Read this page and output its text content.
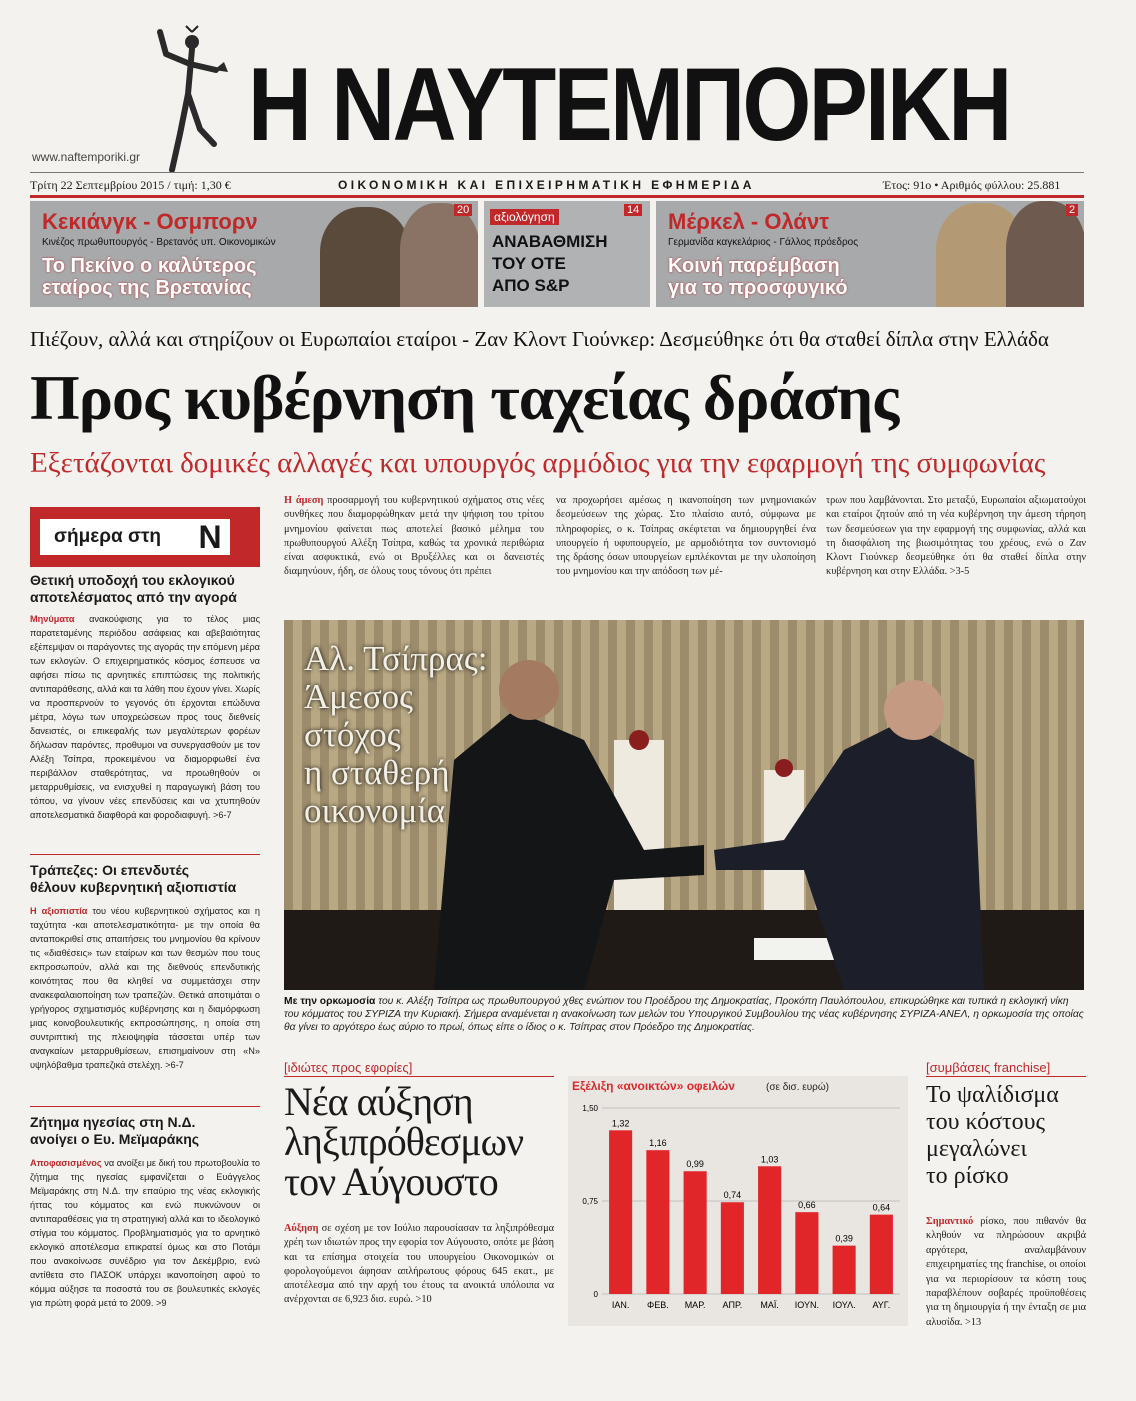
Η ΝΑΥΤΕΜΠΟΡΙΚΗ
www.naftemporiki.gr
Τρίτη 22 Σεπτεμβρίου 2015 / τιμή: 1,30 €	ΟΙΚΟΝΟΜΙΚΗ ΚΑΙ ΕΠΙΧΕΙΡΗΜΑΤΙΚΗ ΕΦΗΜΕΡΙΔΑ	Έτος: 91ο • Αριθμός φύλλου: 25.881
Κεκιάνγκ - Οσμπορν
Κινέζος πρωθυπουργός - Βρετανός υπ. Οικονομικών
Το Πεκίνο ο καλύτερος
εταίρος της Βρετανίας
20	αξιολόγηση
ΑΝΑΒΑΘΜΙΣΗ
ΤΟΥ ΟΤΕ
ΑΠΟ S&P
14 Μέρκελ - Ολάντ
Γερμανίδα καγκελάριος - Γάλλος πρόεδρος
Κοινή παρέμβαση
για το προσφυγικό
2
Πιέζουν, αλλά και στηρίζουν οι Ευρωπαίοι εταίροι - Ζαν Κλοντ Γιούνκερ: Δεσμεύθηκε ότι θα σταθεί δίπλα στην Ελλάδα
Προς κυβέρνηση ταχείας δράσης
Εξετάζονται δομικές αλλαγές και υπουργός αρμόδιος για την εφαρμογή της συμφωνίας
Η άμεση προσαρμογή του κυβερνητικού σχήματος στις νέες συνθήκες που διαμορφώθηκαν μετά την ψήφιση του τρίτου μνημονίου φαίνεται πως αποτελεί βασικό μέλημα του πρωθυπουργού Αλέξη Τσίπρα, καθώς τα χρονικά περιθώρια είναι ασφυκτικά, ενώ οι Βρυξέλλες και οι δανειστές διαμηνύουν, ήδη, σε όλους τους τόνους ότι πρέπει
να προχωρήσει αμέσως η ικανοποίηση των μνημονιακών δεσμεύσεων της χώρας. Στο πλαίσιο αυτό, σύμφωνα με πληροφορίες, ο κ. Τσίπρας σκέφτεται να δημιουργηθεί ένα υπουργείο ή υφυπουργείο, με αρμοδιότητα τον συντονισμό της δράσης όσων υπουργείων εμπλέκονται με την υλοποίηση του μνημονίου και την απόδοση των μέ-
τρων που λαμβάνονται. Στο μεταξύ, Ευρωπαίοι αξιωματούχοι και εταίροι ζητούν από τη νέα κυβέρνηση την άμεση τήρηση των δεσμεύσεων για την εφαρμογή της συμφωνίας, αλλά και τη διασφάλιση της βιωσιμότητας του χρέους, ενώ ο Ζαν Κλοντ Γιούνκερ δεσμεύθηκε ότι θα σταθεί δίπλα στην κυβέρνηση και στην Ελλάδα. >3-5
Αλ. Τσίπρας:
Άμεσος
στόχος
η σταθερή
οικονομία
Με την ορκωμοσία του κ. Αλέξη Τσίπρα ως πρωθυπουργού χθες ενώπιον του Προέδρου της Δημοκρατίας, Προκόπη Παυλόπουλου, επικυρώθηκε και τυπικά η εκλογική νίκη του κόμματος του ΣΥΡΙΖΑ την Κυριακή. Σήμερα αναμένεται η ανακοίνωση των μελών του Υπουργικού Συμβουλίου της νέας κυβέρνησης ΣΥΡΙΖΑ-ΑΝΕΛ, η ορκωμοσία της οποίας θα γίνει το αργότερο έως αύριο το πρωί, όπως είπε ο ίδιος ο κ. Τσίπρας στον Πρόεδρο της Δημοκρατίας.
σήμερα στη	Ν
Θετική υποδοχή του εκλογικού
αποτελέσματος από την αγορά
Μηνύματα ανακούφισης για το τέλος μιας παρατεταμένης περιόδου ασάφειας και αβεβαιότητας εξέπεμψαν οι παράγοντες της αγοράς την επόμενη μέρα των εκλογών. Ο επιχειρηματικός κόσμος έσπευσε να αφήσει πίσω τις αρνητικές επιπτώσεις της πολιτικής αντιπαράθεσης, αλλά και τα λάθη που έχουν γίνει. Χωρίς να προσπερνούν το γεγονός ότι έρχονται επώδυνα μέτρα, λόγω των υποχρεώσεων προς τους διεθνείς δανειστές, οι επικεφαλής των μεγαλύτερων φορέων δήλωσαν παρόντες, προθυμοι να συνεργασθούν με τον Αλέξη Τσίπρα, προκειμένου να διαμορφωθεί ένα περιβάλλον σταθερότητας, να προωθηθούν οι μεταρρυθμίσεις, να ενισχυθεί η παραγωγική βάση του τόπου, να γίνουν νέες επενδύσεις και να χτυπηθούν αποτελεσματικά διαφθορά και φοροδιαφυγή. >6-7
Τράπεζες: Οι επενδυτές
θέλουν κυβερνητική αξιοπιστία
Η αξιοπιστία του νέου κυβερνητικού σχήματος και η ταχύτητα -και αποτελεσματικότητα- με την οποία θα ανταποκριθεί στις απαιτήσεις του μνημονίου θα κρίνουν τις «διαθέσεις» των εταίρων και των θεσμών που τους εκπροσωπούν, αλλά και της διεθνούς επενδυτικής κοινότητας που θα κληθεί να συμμετάσχει στην ανακεφαλαιοποίηση των τραπεζών. Θετικά αποτιμάται ο γρήγορος σχηματισμός κυβέρνησης και η διαμόρφωση μιας κοινοβουλευτικής εκπροσώπησης, η οποία στη συντριπτική της πλειοψηφία τάσσεται υπέρ των αναγκαίων μεταρρυθμίσεων, επισημαίνουν στη «Ν» υψηλόβαθμα τραπεζικά στελέχη. >6-7
Ζήτημα ηγεσίας στη Ν.Δ.
ανοίγει ο Ευ. Μεϊμαράκης
Αποφασισμένος να ανοίξει με δική του πρωτοβουλία το ζήτημα της ηγεσίας εμφανίζεται ο Ευάγγελος Μεϊμαράκης στη Ν.Δ. την επαύριο της νέας εκλογικής ήττας του κόμματος και ενώ πυκνώνουν οι αντιπαραθέσεις για τη στρατηγική αλλά και το ιδεολογικό στίγμα του κόμματος. Προβληματισμός για το αρνητικό εκλογικό αποτέλεσμα επικρατεί όμως και στο Ποτάμι που ανακοίνωσε συνέδριο για τον Δεκέμβριο, ενώ αντίθετα στο ΠΑΣΟΚ υπάρχει ικανοποίηση αφού το κόμμα αύξησε τα ποσοστά του σε βουλευτικές εκλογές για πρώτη φορά μετά το 2009. >9
[ ιδιώτες προς εφορίες ]
Νέα αύξηση
ληξιπρόθεσμων
τον Αύγουστο
Αύξηση σε σχέση με τον Ιούλιο παρουσίασαν τα ληξιπρόθεσμα χρέη των ιδιωτών προς την εφορία τον Αύγουστο, οπότε με βάση και τα επίσημα στοιχεία του υπουργείου Οικονομικών οι φορολογούμενοι άφησαν απλήρωτους φόρους 645 εκατ., με αποτέλεσμα από την αρχή του έτους τα ανοικτά υπόλοιπα να ανέρχονται σε 6,923 δισ. ευρώ. >10
Εξέλιξη «ανοικτών» οφειλών	(σε δισ. ευρώ)
0
0,75
1,50
1,32
ΙΑΝ.
1,16
ΦΕΒ.
0,99
ΜΑΡ.
0,74
ΑΠΡ.
1,03
ΜΑΪ.
0,66
ΙΟΥΝ.
0,39
ΙΟΥΛ.
0,64
ΑΥΓ.
[ συμβάσεις franchise ]
Το ψαλίδισμα
του κόστους
μεγαλώνει
το ρίσκο
Σημαντικό ρίσκο, που πιθανόν θα κληθούν να πληρώσουν ακριβά αργότερα, αναλαμβάνουν επιχειρηματίες της franchise, οι οποίοι για να περιορίσουν τα κόστη τους παραβλέπουν σοβαρές προϋποθέσεις για τη δημιουργία ή την ένταξη σε μια αλυσίδα. >13
